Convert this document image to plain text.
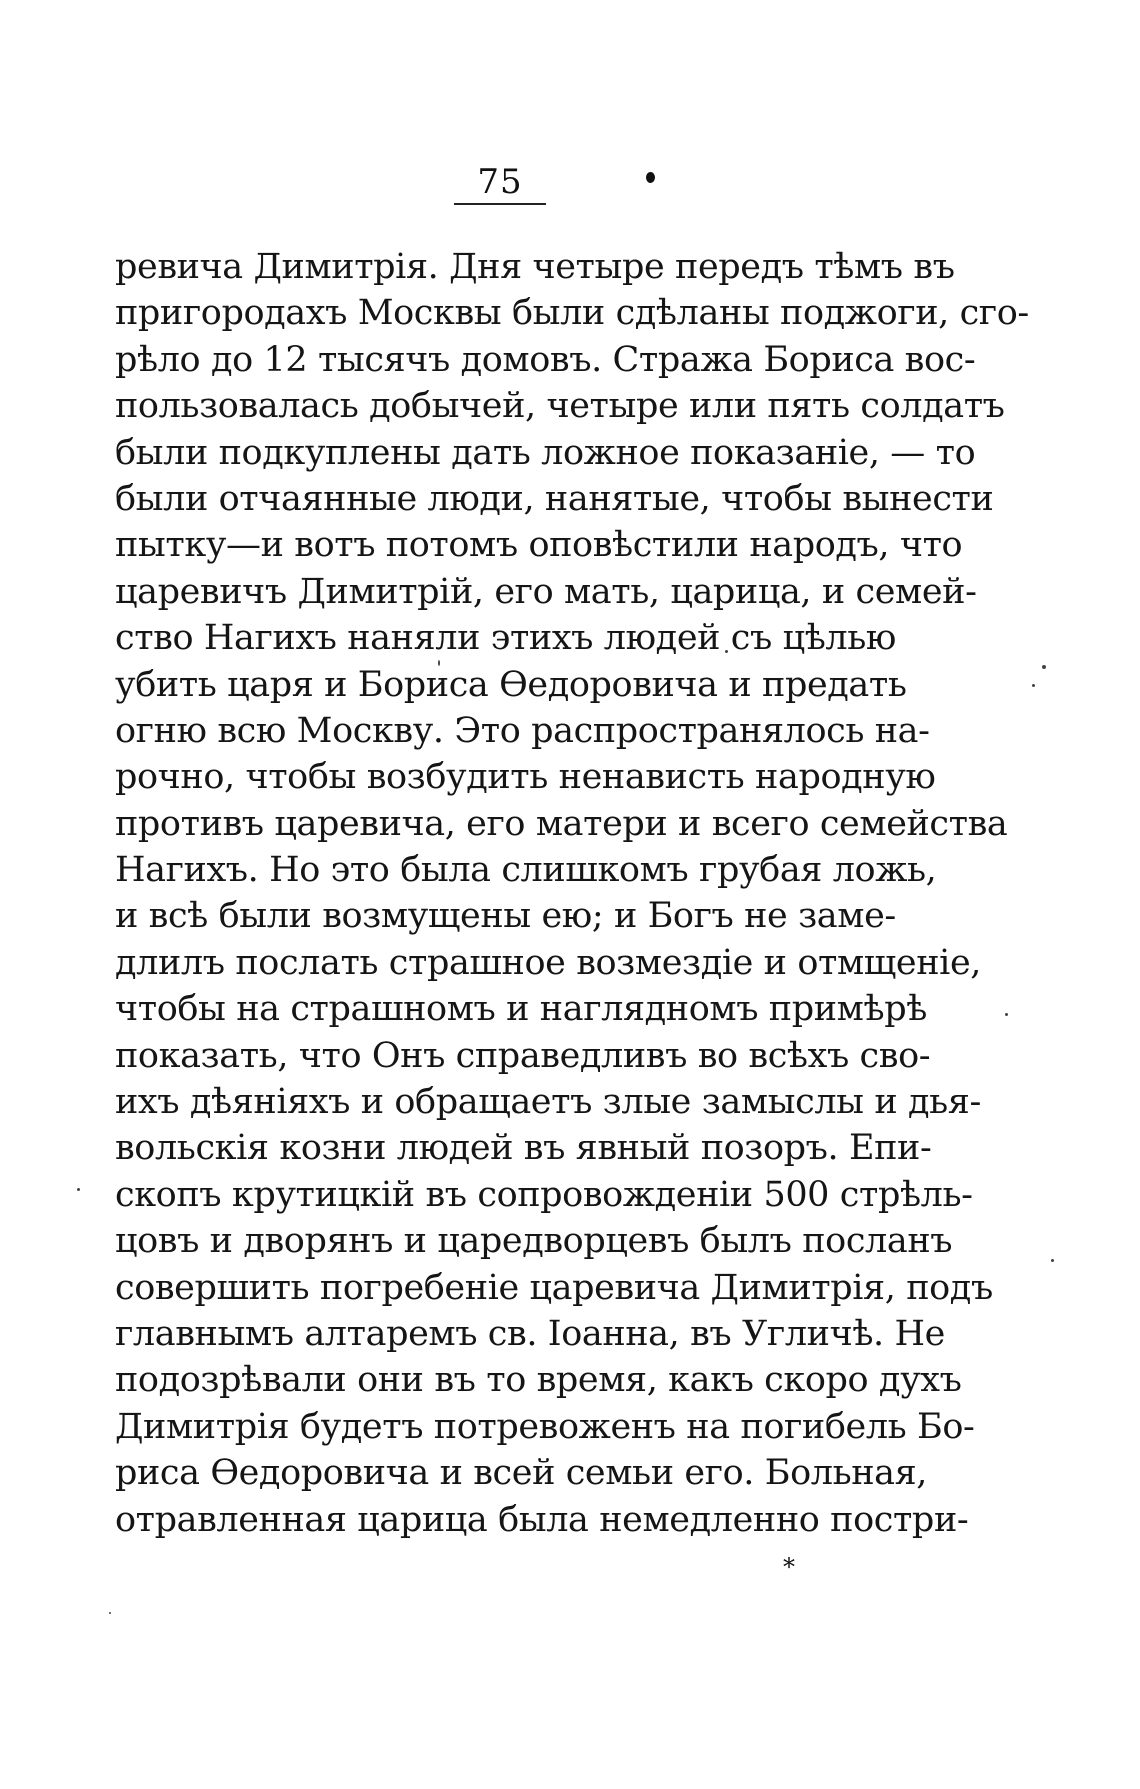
75
*
ревича Димитрія. Дня четыре передъ тѣмъ въ
пригородахъ Москвы были сдѣланы поджоги, сго-
рѣло до 12 тысячъ домовъ. Стража Бориса вос-
пользовалась добычей, четыре или пять солдатъ
были подкуплены дать ложное показаніе, — то
были отчаянные люди, нанятые, чтобы вынести
пытку—и вотъ потомъ оповѣстили народъ, что
царевичъ Димитрій, его мать, царица, и семей-
ство Нагихъ наняли этихъ людей съ цѣлью
убить царя и Бориса Ѳедоровича и предать
огню всю Москву. Это распространялось на-
рочно, чтобы возбудить ненависть народную
противъ царевича, его матери и всего семейства
Нагихъ. Но это была слишкомъ грубая ложь,
и всѣ были возмущены ею; и Богъ не заме-
длилъ послать страшное возмездіе и отмщеніе,
чтобы на страшномъ и наглядномъ примѣрѣ
показать, что Онъ справедливъ во всѣхъ сво-
ихъ дѣяніяхъ и обращаетъ злые замыслы и дья-
вольскія козни людей въ явный позоръ. Епи-
скопъ крутицкій въ сопровожденіи 500 стрѣль-
цовъ и дворянъ и царедворцевъ былъ посланъ
совершить погребеніе царевича Димитрія, подъ
главнымъ алтаремъ св. Іоанна, въ Угличѣ. Не
подозрѣвали они въ то время, какъ скоро духъ
Димитрія будетъ потревоженъ на погибель Бо-
риса Ѳедоровича и всей семьи его. Больная,
отравленная царица была немедленно постри-
